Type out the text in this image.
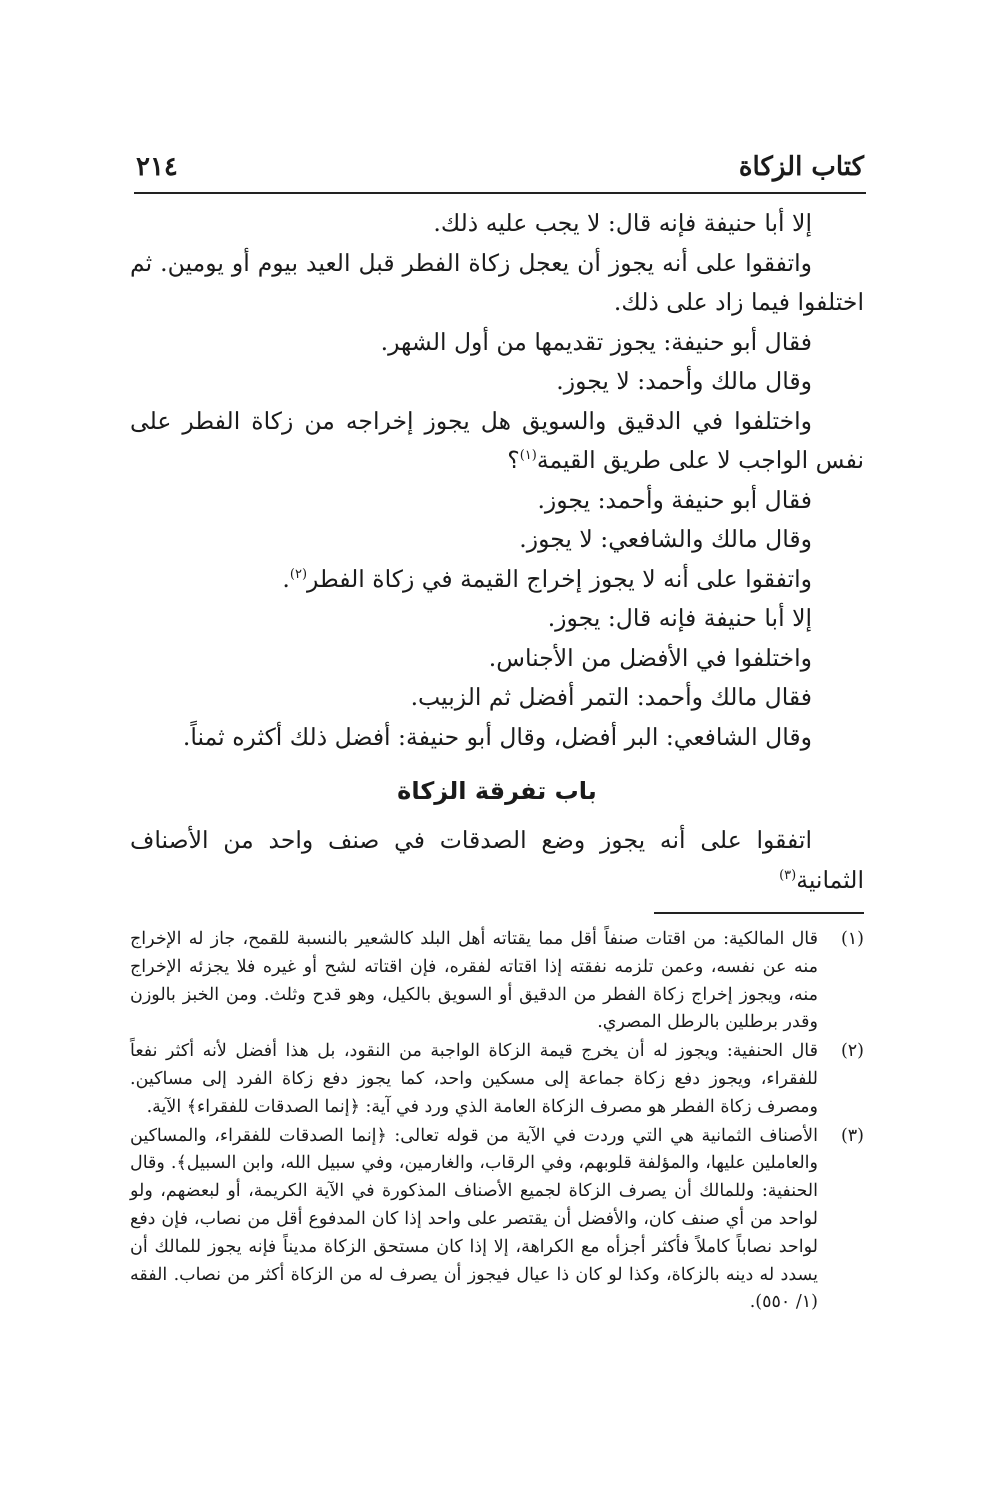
كتاب الزكاة
٢١٤

إلا أبا حنيفة فإنه قال: لا يجب عليه ذلك.

واتفقوا على أنه يجوز أن يعجل زكاة الفطر قبل العيد بيوم أو يومين. ثم اختلفوا فيما زاد على ذلك.

فقال أبو حنيفة: يجوز تقديمها من أول الشهر.

وقال مالك وأحمد: لا يجوز.

واختلفوا في الدقيق والسويق هل يجوز إخراجه من زكاة الفطر على نفس الواجب لا على طريق القيمة$^{(١)}$؟

فقال أبو حنيفة وأحمد: يجوز.

وقال مالك والشافعي: لا يجوز.

واتفقوا على أنه لا يجوز إخراج القيمة في زكاة الفطر$^{(٢)}$.

إلا أبا حنيفة فإنه قال: يجوز.

واختلفوا في الأفضل من الأجناس.

فقال مالك وأحمد: التمر أفضل ثم الزبيب.

وقال الشافعي: البر أفضل، وقال أبو حنيفة: أفضل ذلك أكثره ثمناً.

باب تفرقة الزكاة

اتفقوا على أنه يجوز وضع الصدقات في صنف واحد من الأصناف الثمانية$^{(٣)}$

(١)
قال المالكية: من اقتات صنفاً أقل مما يقتاته أهل البلد كالشعير بالنسبة للقمح، جاز له الإخراج منه عن نفسه، وعمن تلزمه نفقته إذا اقتاته لفقره، فإن اقتاته لشح أو غيره فلا يجزئه الإخراج منه، ويجوز إخراج زكاة الفطر من الدقيق أو السويق بالكيل، وهو قدح وثلث. ومن الخبز بالوزن وقدر برطلين بالرطل المصري.
(٢)
قال الحنفية: ويجوز له أن يخرج قيمة الزكاة الواجبة من النقود، بل هذا أفضل لأنه أكثر نفعاً للفقراء، ويجوز دفع زكاة جماعة إلى مسكين واحد، كما يجوز دفع زكاة الفرد إلى مساكين. ومصرف زكاة الفطر هو مصرف الزكاة العامة الذي ورد في آية: ﴿إنما الصدقات للفقراء﴾ الآية.
(٣)
الأصناف الثمانية هي التي وردت في الآية من قوله تعالى: ﴿إنما الصدقات للفقراء، والمساكين والعاملين عليها، والمؤلفة قلوبهم، وفي الرقاب، والغارمين، وفي سبيل الله، وابن السبيل﴾. وقال الحنفية: وللمالك أن يصرف الزكاة لجميع الأصناف المذكورة في الآية الكريمة، أو لبعضهم، ولو لواحد من أي صنف كان، والأفضل أن يقتصر على واحد إذا كان المدفوع أقل من نصاب، فإن دفع لواحد نصاباً كاملاً فأكثر أجزأه مع الكراهة، إلا إذا كان مستحق الزكاة مديناً فإنه يجوز للمالك أن يسدد له دينه بالزكاة، وكذا لو كان ذا عيال فيجوز أن يصرف له من الزكاة أكثر من نصاب. الفقه (١/ ٥٥٠).
